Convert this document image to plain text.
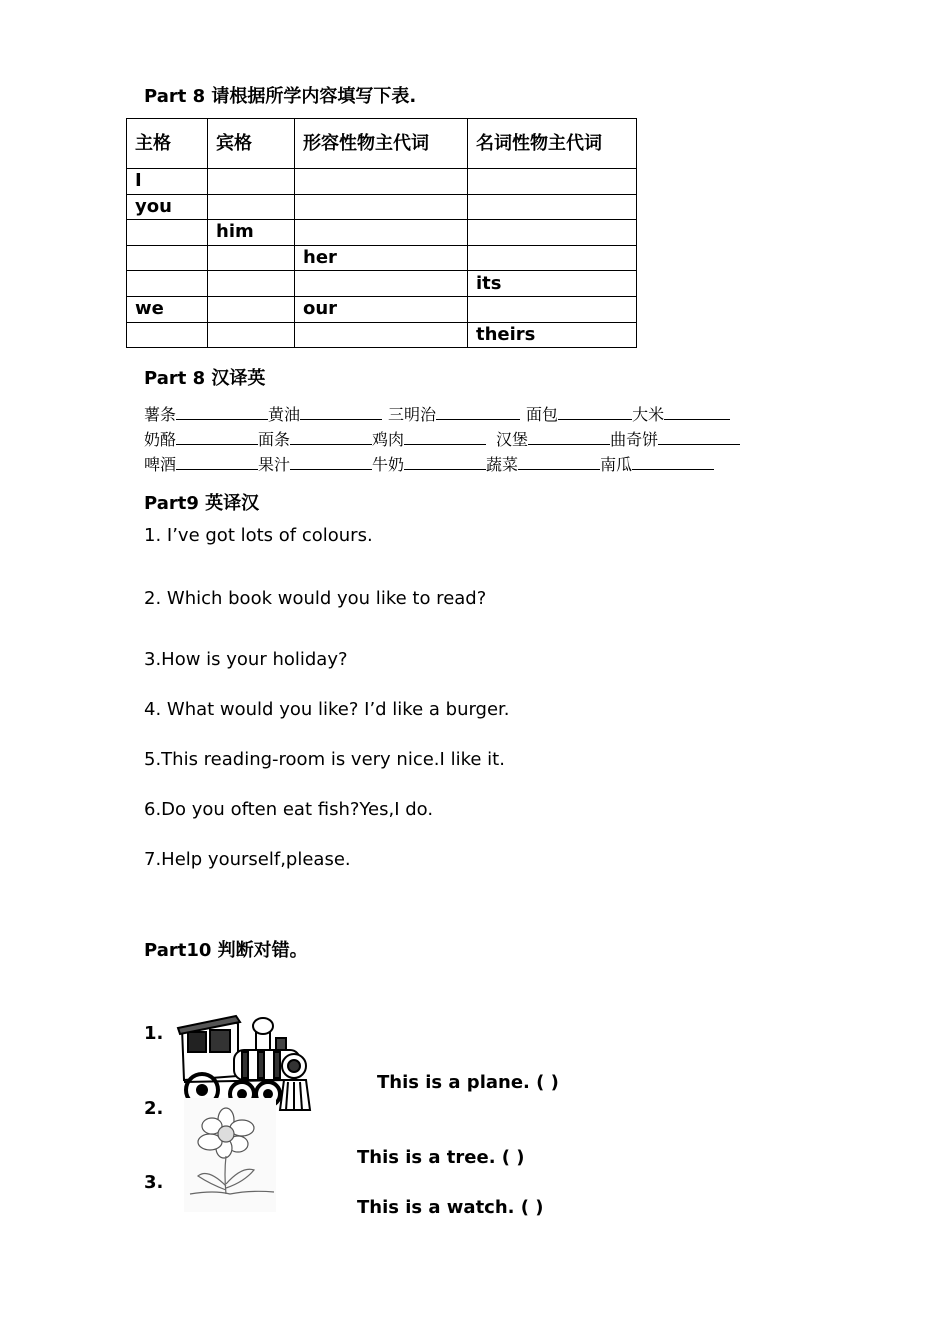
Part 8 请根据所学内容填写下表.
主格	宾格	形容性物主代词	名词性物主代词
I			
you			
	him		
		her	
			its
we		our	
			theirs
Part 8 汉译英
薯条	黄油	三明治	面包	大米
奶酪	面条	鸡肉	汉堡	曲奇饼
啤酒	果汁	牛奶	蔬菜	南瓜
Part9 英译汉
1. I’ve got lots of colours.
2. Which book would you like to read?
3.How is your holiday?
4. What would you like? I’d like a burger.
5.This reading-room is very nice.I like it.
6.Do you often eat fish?Yes,I do.
7.Help yourself,please.
Part10 判断对错。
1.
2.
3.
This is a plane. ( )
This is a tree. ( )
This is a watch. ( )
